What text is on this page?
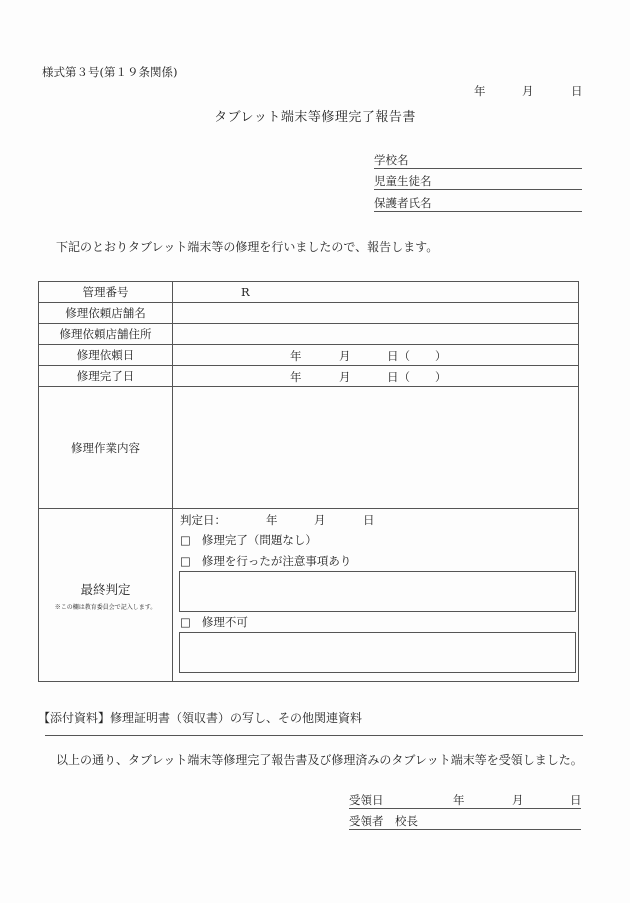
様式第３号(第１９条関係)
年	月	日
タブレット端末等修理完了報告書
学校名
児童生徒名
保護者氏名
下記のとおりタブレット端末等の修理を行いましたので、報告します。
管理番号	R
修理依頼店舗名	
修理依頼店舗住所	
修理依頼日	年 月 日（ ）

修理完了日	年 月 日（ ）

修理作業内容	

最終判定
※この欄は教育委員会で記入します。

判定日：	年	月	日
□ 修理完了（問題なし）
□ 修理を行ったが注意事項あり
□ 修理不可
【添付資料】修理証明書（領収書）の写し、その他関連資料
以上の通り、タブレット端末等修理完了報告書及び修理済みのタブレット端末等を受領しました。
受領日	年	月	日
受領者　校長
